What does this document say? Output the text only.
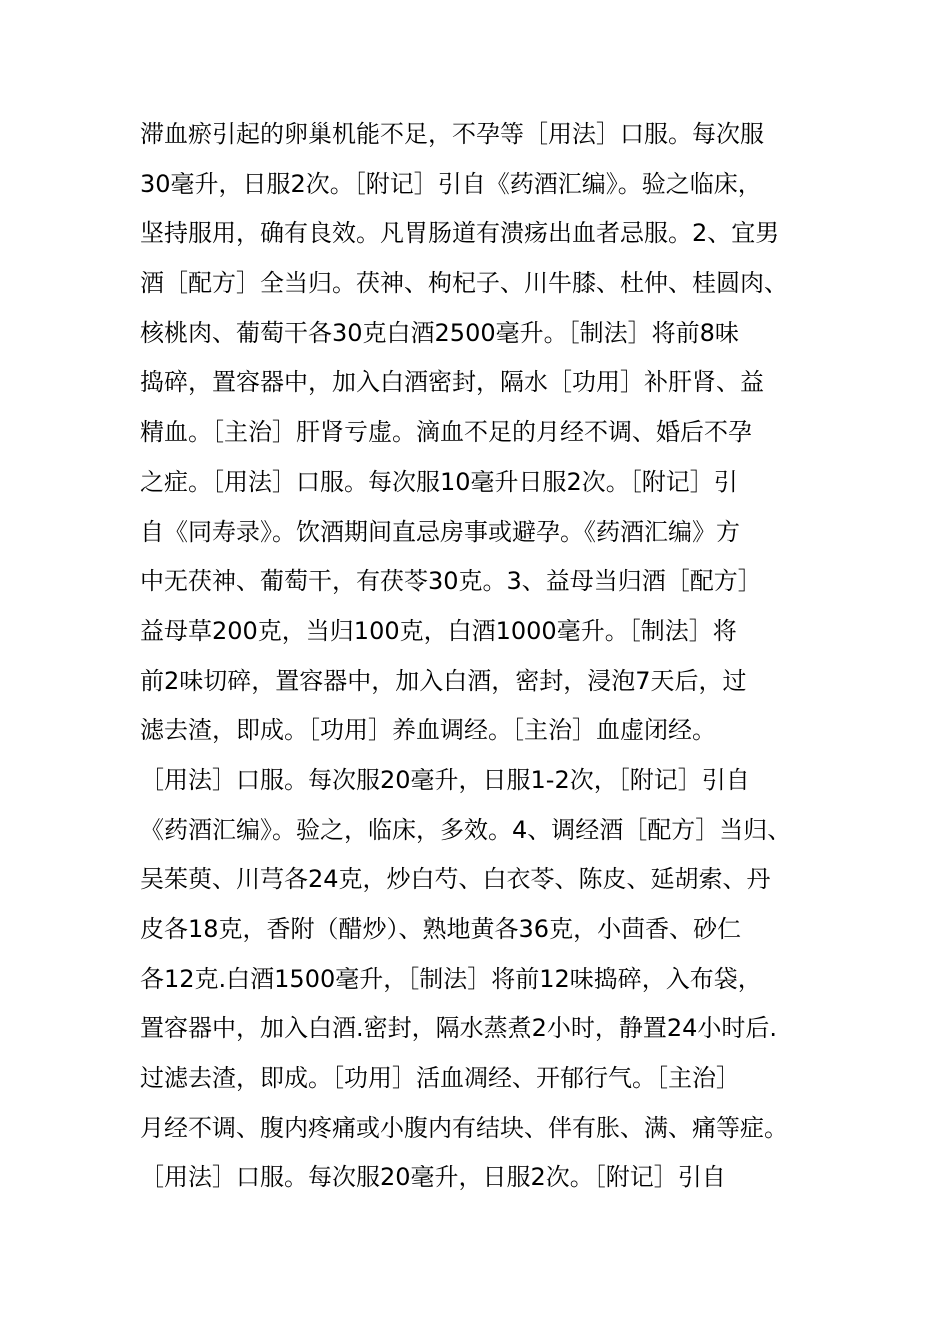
滞血瘀引起的卵巢机能不足，不孕等［用法］口服。每次服
30毫升，日服2次。［附记］引自《药酒汇编》。验之临床，
坚持服用，确有良效。凡胃肠道有溃疡出血者忌服。2、宜男
酒［配方］全当归。茯神、枸杞子、川牛膝、杜仲、桂圆肉、
核桃肉、葡萄干各30克白酒2500毫升。［制法］将前8味
捣碎，置容器中，加入白酒密封，隔水［功用］补肝肾、益
精血。［主治］肝肾亏虚。滴血不足的月经不调、婚后不孕
之症。［用法］口服。每次服10毫升日服2次。［附记］引
自《同寿录》。饮酒期间直忌房事或避孕。《药酒汇编》方
中无茯神、葡萄干，有茯苓30克。3、益母当归酒［配方］
益母草200克，当归100克，白酒1000毫升。［制法］将
前2味切碎，置容器中，加入白酒，密封，浸泡7天后，过
滤去渣，即成。［功用］养血调经。［主治］血虚闭经。
［用法］口服。每次服20毫升，日服1-2次，［附记］引自
《药酒汇编》。验之，临床，多效。4、调经酒［配方］当归、
吴茱萸、川芎各24克，炒白芍、白衣苓、陈皮、延胡索、丹
皮各18克，香附（醋炒）、熟地黄各36克，小茴香、砂仁
各12克.白酒1500毫升，［制法］将前12味捣碎，入布袋，
置容器中，加入白酒.密封，隔水蒸煮2小时，静置24小时后.
过滤去渣，即成。［功用］活血凋经、开郁行气。［主治］
月经不调、腹内疼痛或小腹内有结块、伴有胀、满、痛等症。
［用法］口服。每次服20毫升，日服2次。［附记］引自
